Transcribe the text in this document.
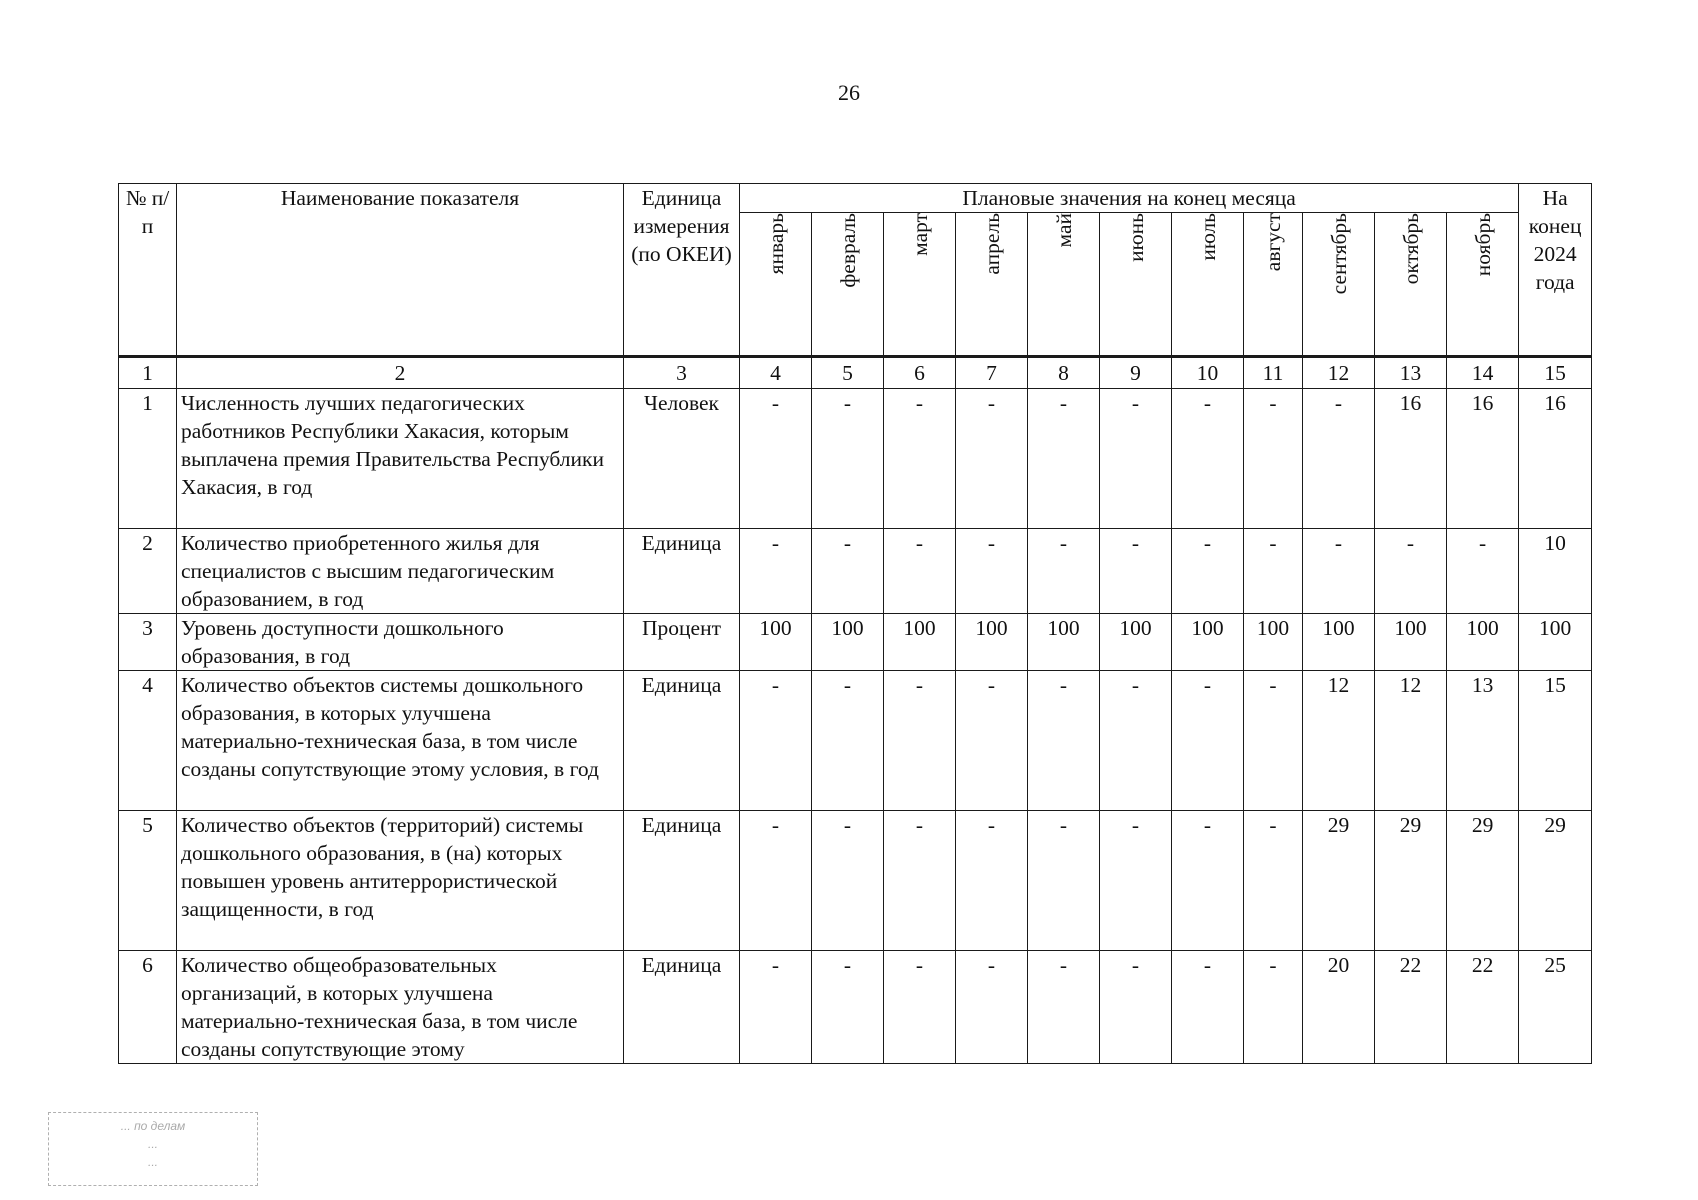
26
№ п/п	Наименование показателя	Единица измерения (по ОКЕИ)	Плановые значения на конец месяца											На конец 2024 года
			январь	февраль	март	апрель	май	июнь	июль	август	сентябрь	октябрь	ноябрь	
1	2	3	4	5	6	7	8	9	10	11	12	13	14	15
1	Численность лучших педагогических работников Республики Хакасия, которым выплачена премия Правительства Республики Хакасия, в год	Человек	-	-	-	-	-	-	-	-	-	16	16	16
2	Количество приобретенного жилья для специалистов с высшим педагогическим образованием, в год	Единица	-	-	-	-	-	-	-	-	-	-	-	10
3	Уровень доступности дошкольного образования, в год	Процент	100	100	100	100	100	100	100	100	100	100	100	100
4	Количество объектов системы дошкольного образования, в которых улучшена материально-техническая база, в том числе созданы сопутствующие этому условия, в год	Единица	-	-	-	-	-	-	-	-	12	12	13	15
5	Количество объектов (территорий) системы дошкольного образования, в (на) которых повышен уровень антитеррористической защищенности, в год	Единица	-	-	-	-	-	-	-	-	29	29	29	29
6	Количество общеобразовательных организаций, в которых улучшена материально-техническая база, в том числе созданы сопутствующие этому	Единица	-	-	-	-	-	-	-	-	20	22	22	25
... по делам
...
...
